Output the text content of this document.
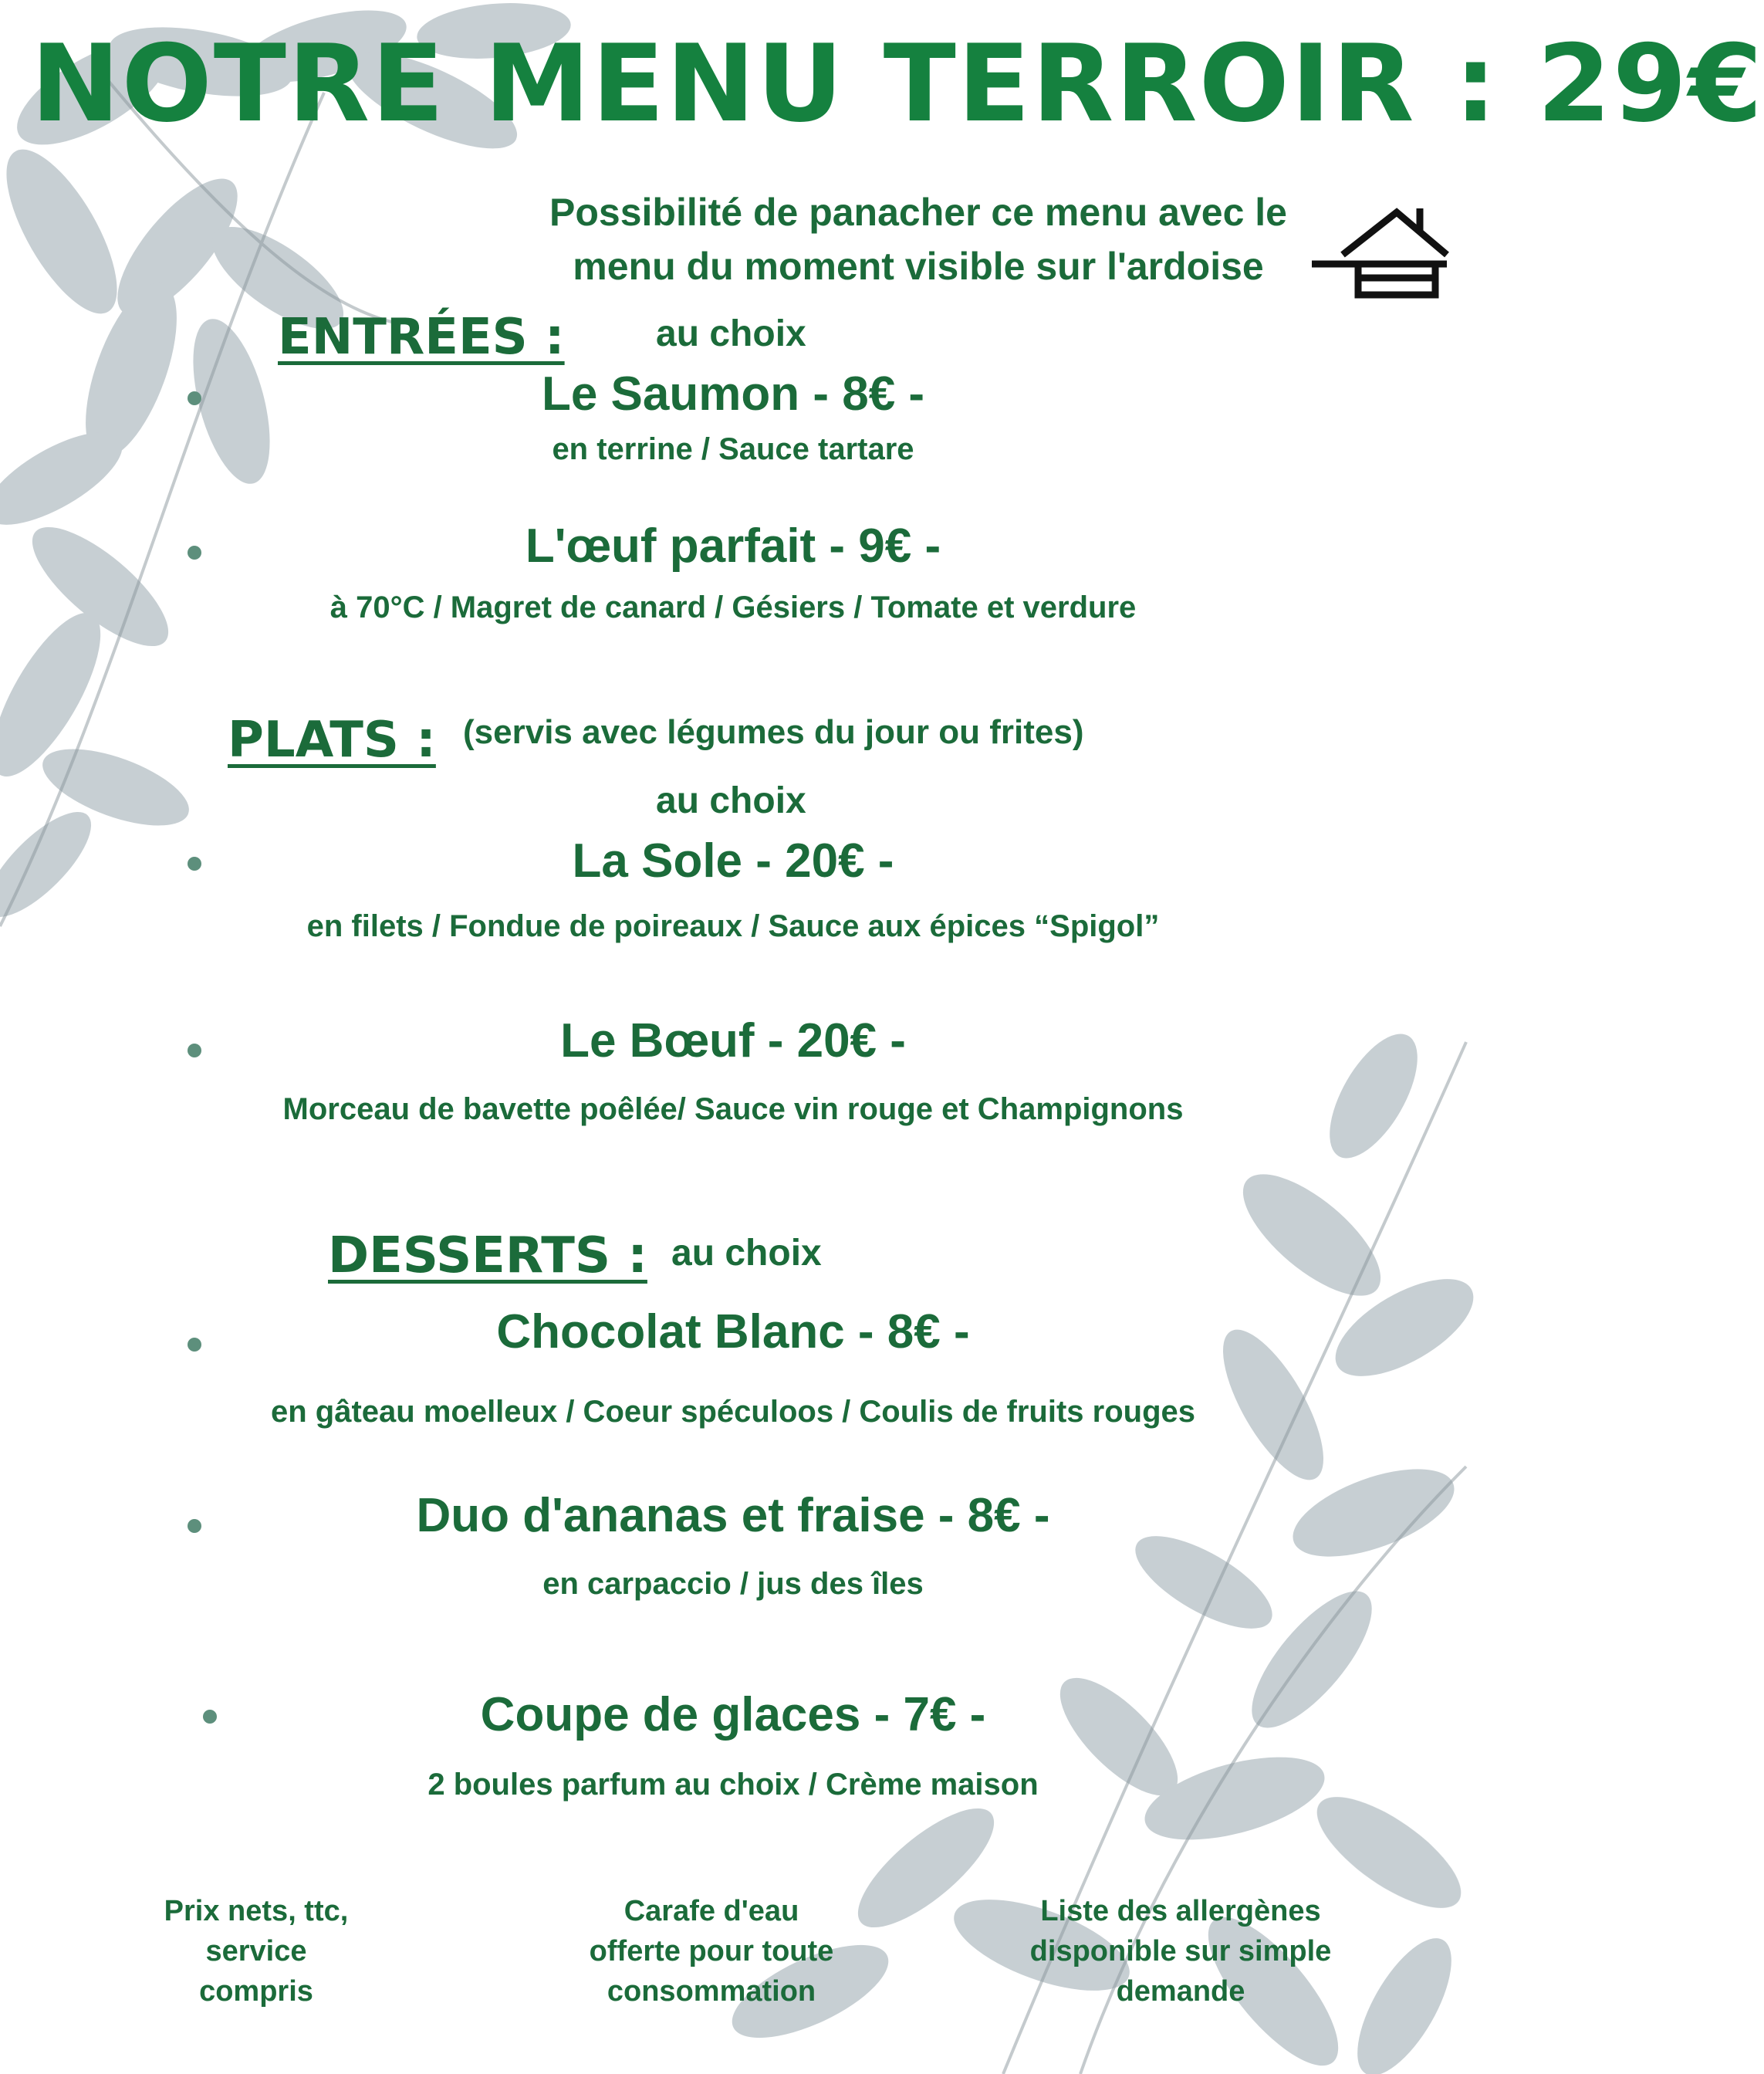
NOTRE MENU TERROIR : 29€
Possibilité de panacher ce menu avec le
menu du moment visible sur l'ardoise
ENTRÉES : au choix
Le Saumon - 8€ -
en terrine / Sauce tartare
L'œuf parfait - 9€ -
à 70°C / Magret de canard / Gésiers / Tomate et verdure
PLATS : (servis avec légumes du jour ou frites)
au choix
La Sole - 20€ -
en filets / Fondue de poireaux / Sauce aux épices “Spigol”
Le Bœuf - 20€ -
Morceau de bavette poêlée/ Sauce vin rouge et Champignons
DESSERTS : au choix
Chocolat Blanc - 8€ -
en gâteau moelleux / Coeur spéculoos / Coulis de fruits rouges
Duo d'ananas et fraise - 8€ -
en carpaccio / jus des îles
Coupe de glaces - 7€ -
2 boules parfum au choix / Crème maison
Prix nets, ttc,
service
compris
Carafe d'eau
offerte pour toute
consommation
Liste des allergènes
disponible sur simple
demande
